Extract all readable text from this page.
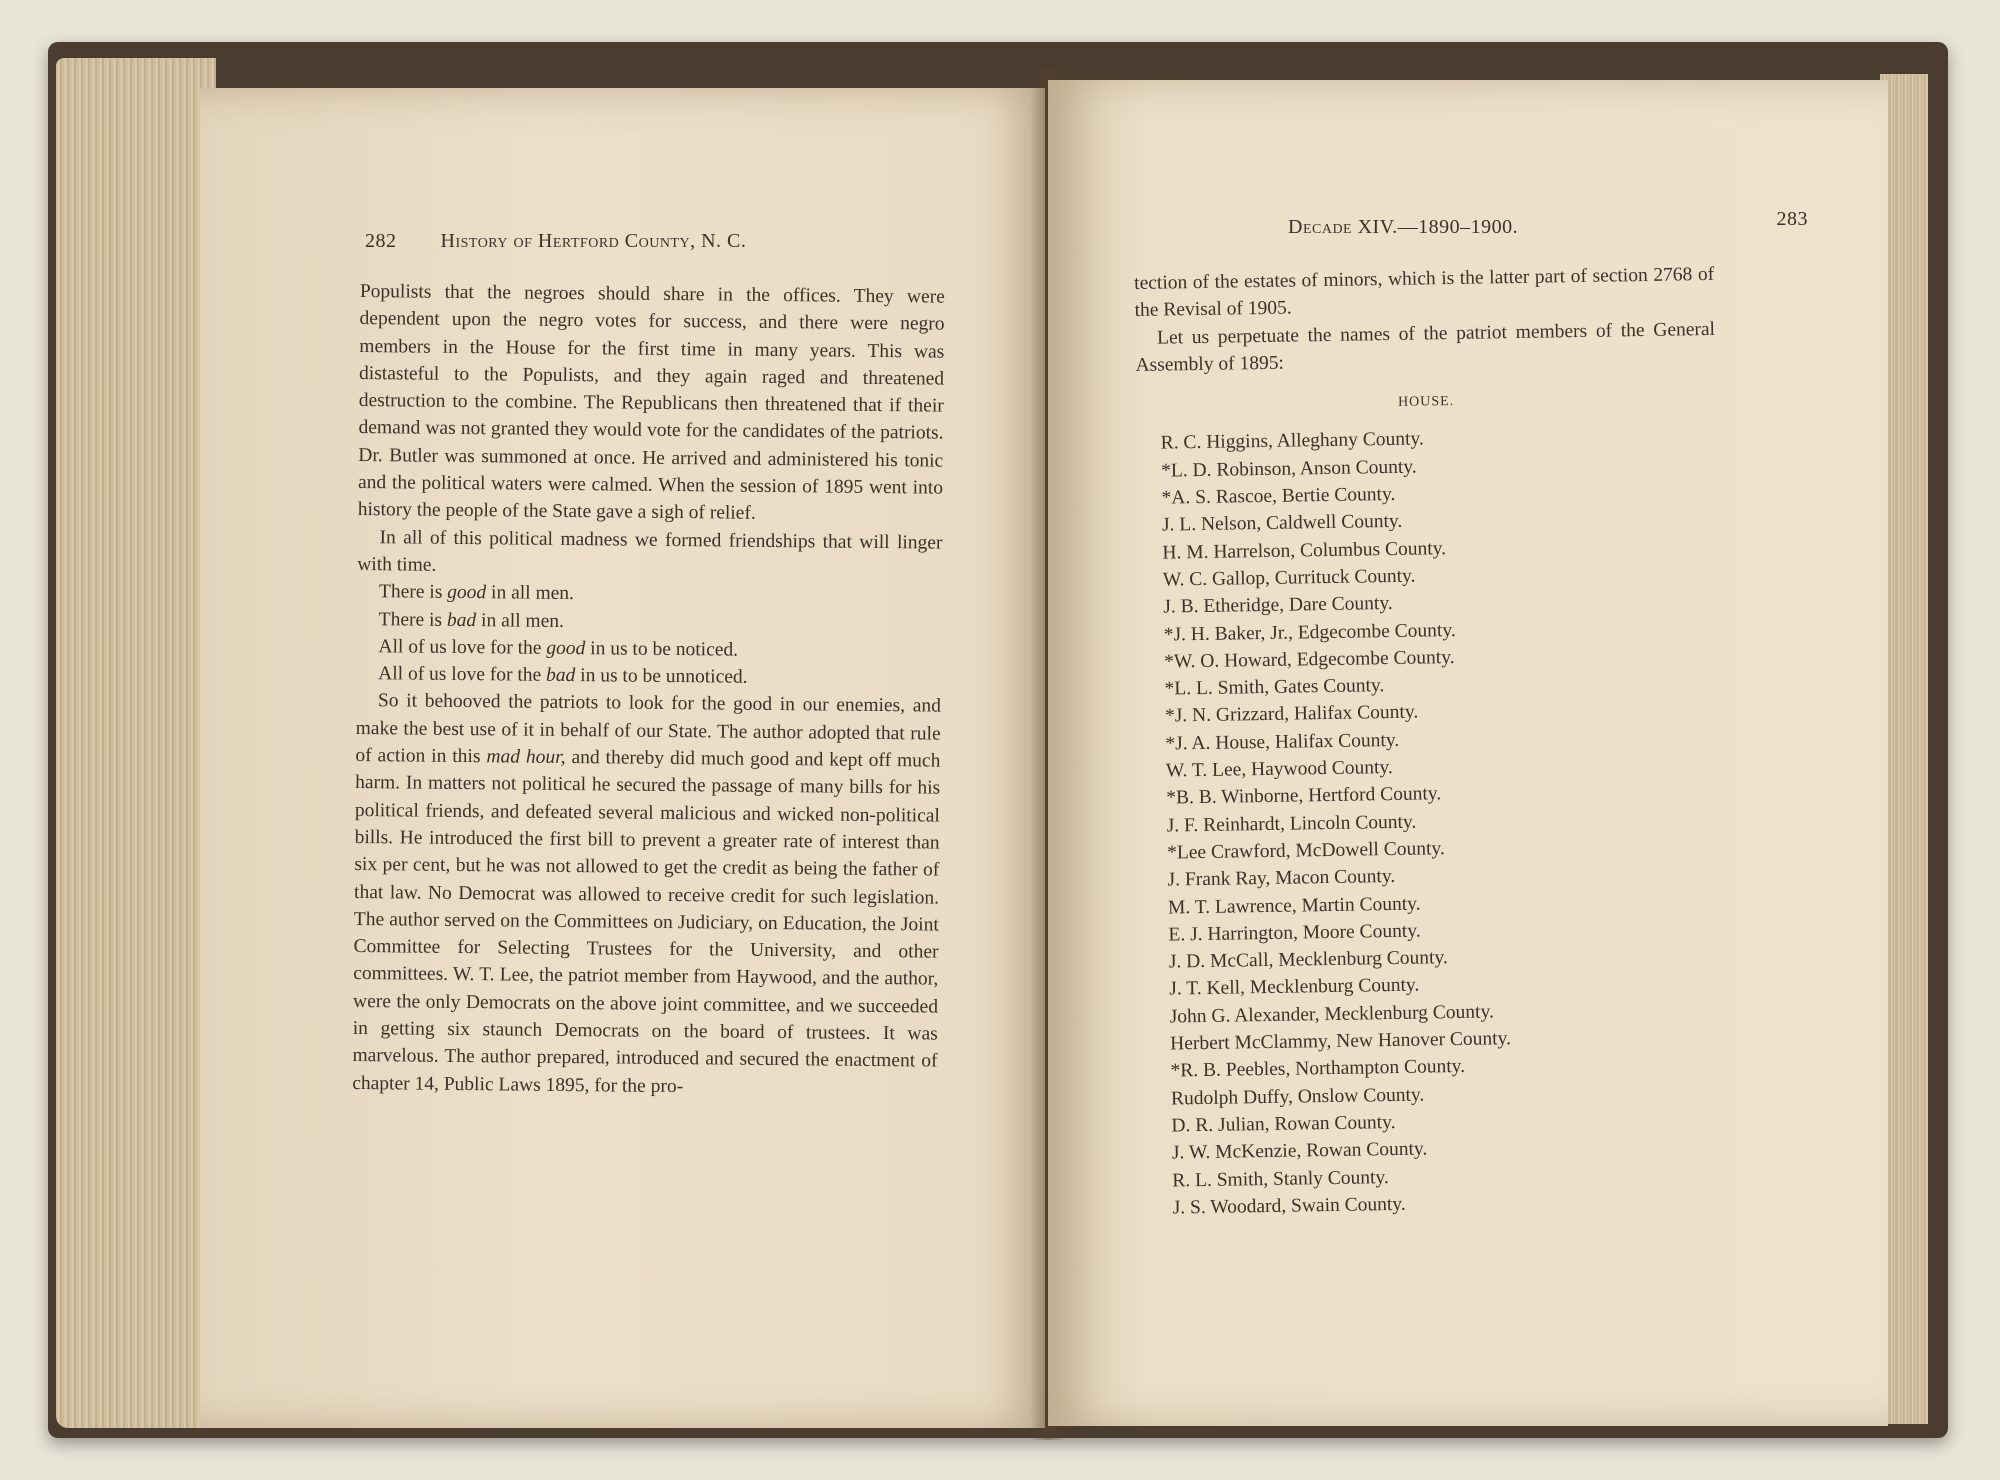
282 History of Hertford County, N. C.

Populists that the negroes should share in the offices. They were dependent upon the negro votes for success, and there were negro members in the House for the first time in many years. This was distasteful to the Populists, and they again raged and threatened destruction to the combine. The Republicans then threatened that if their demand was not granted they would vote for the candidates of the patriots. Dr. Butler was summoned at once. He arrived and administered his tonic and the political waters were calmed. When the session of 1895 went into history the people of the State gave a sigh of relief.

In all of this political madness we formed friendships that will linger with time.

There is good in all men.

There is bad in all men.

All of us love for the good in us to be noticed.

All of us love for the bad in us to be unnoticed.

So it behooved the patriots to look for the good in our enemies, and make the best use of it in behalf of our State. The author adopted that rule of action in this mad hour, and thereby did much good and kept off much harm. In matters not political he secured the passage of many bills for his political friends, and defeated several malicious and wicked non-political bills. He introduced the first bill to prevent a greater rate of interest than six per cent, but he was not allowed to get the credit as being the father of that law. No Democrat was allowed to receive credit for such legislation. The author served on the Committees on Judiciary, on Education, the Joint Committee for Selecting Trustees for the University, and other committees. W. T. Lee, the patriot member from Haywood, and the author, were the only Democrats on the above joint committee, and we succeeded in getting six staunch Democrats on the board of trustees. It was marvelous. The author prepared, introduced and secured the enactment of chapter 14, Public Laws 1895, for the pro-

Decade XIV.—1890–1900.	283

tection of the estates of minors, which is the latter part of section 2768 of the Revisal of 1905.

Let us perpetuate the names of the patriot members of the General Assembly of 1895:

HOUSE.
R. C. Higgins, Alleghany County.
*L. D. Robinson, Anson County.
*A. S. Rascoe, Bertie County.
J. L. Nelson, Caldwell County.
H. M. Harrelson, Columbus County.
W. C. Gallop, Currituck County.
J. B. Etheridge, Dare County.
*J. H. Baker, Jr., Edgecombe County.
*W. O. Howard, Edgecombe County.
*L. L. Smith, Gates County.
*J. N. Grizzard, Halifax County.
*J. A. House, Halifax County.
W. T. Lee, Haywood County.
*B. B. Winborne, Hertford County.
J. F. Reinhardt, Lincoln County.
*Lee Crawford, McDowell County.
J. Frank Ray, Macon County.
M. T. Lawrence, Martin County.
E. J. Harrington, Moore County.
J. D. McCall, Mecklenburg County.
J. T. Kell, Mecklenburg County.
John G. Alexander, Mecklenburg County.
Herbert McClammy, New Hanover County.
*R. B. Peebles, Northampton County.
Rudolph Duffy, Onslow County.
D. R. Julian, Rowan County.
J. W. McKenzie, Rowan County.
R. L. Smith, Stanly County.
J. S. Woodard, Swain County.
